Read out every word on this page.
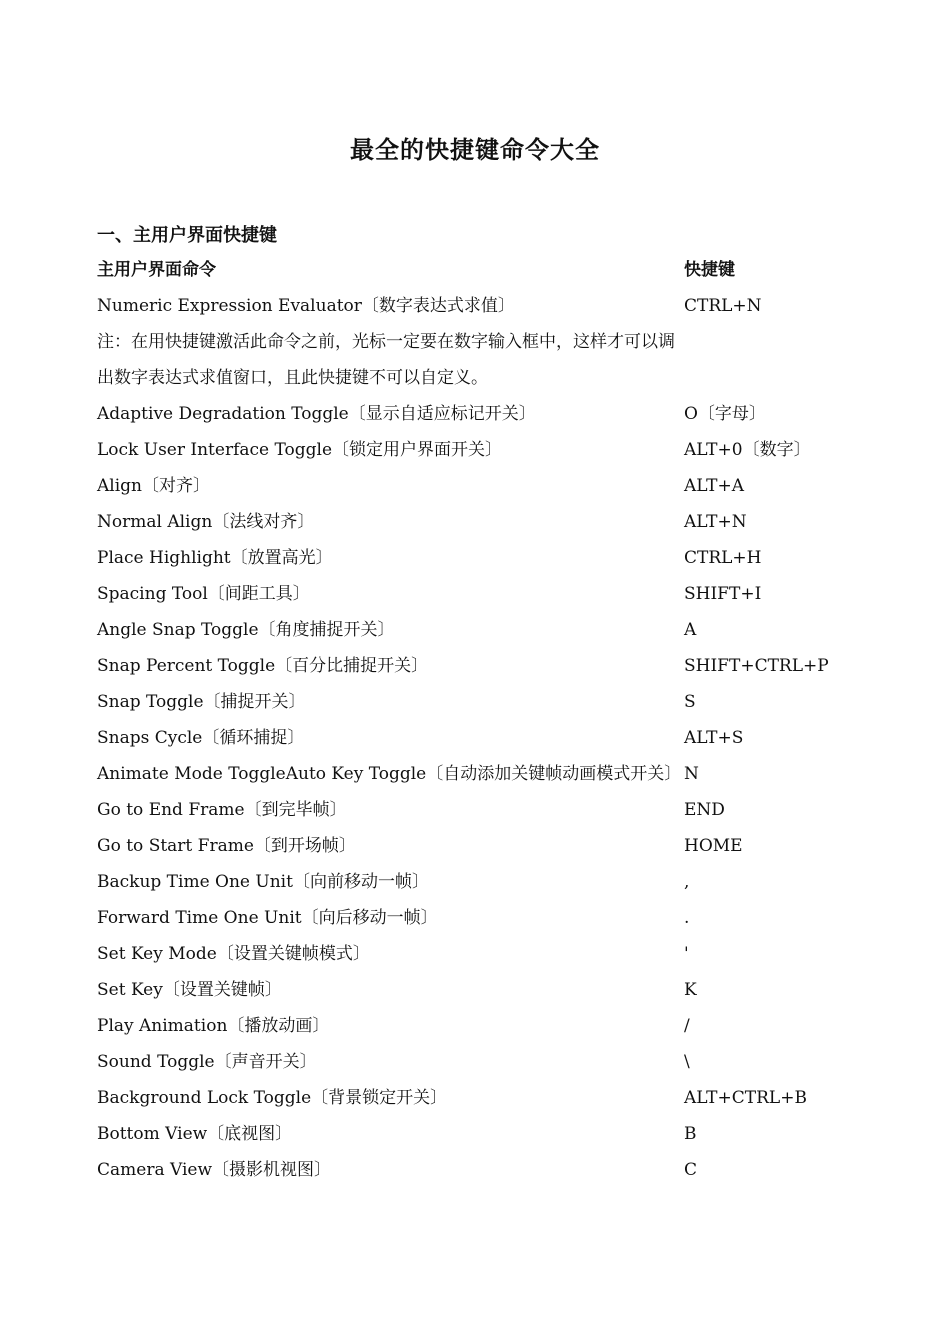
最全的快捷键命令大全
一、主用户界面快捷键
主用户界面命令	快捷键
Numeric Expression Evaluator〔数字表达式求值〕	CTRL+N
注：在用快捷键激活此命令之前，光标一定要在数字输入框中，这样才可以调出数字表达式求值窗口，且此快捷键不可以自定义。
Adaptive Degradation Toggle〔显示自适应标记开关〕	O〔字母〕
Lock User Interface Toggle〔锁定用户界面开关〕	ALT+0〔数字〕
Align〔对齐〕	ALT+A
Normal Align〔法线对齐〕	ALT+N
Place Highlight〔放置高光〕	CTRL+H
Spacing Tool〔间距工具〕	SHIFT+I
Angle Snap Toggle〔角度捕捉开关〕	A
Snap Percent Toggle〔百分比捕捉开关〕	SHIFT+CTRL+P
Snap Toggle〔捕捉开关〕	S
Snaps Cycle〔循环捕捉〕	ALT+S
Animate Mode ToggleAuto Key Toggle〔自动添加关键帧动画模式开关〕 N
Go to End Frame〔到完毕帧〕	END
Go to Start Frame〔到开场帧〕	HOME
Backup Time One Unit〔向前移动一帧〕	,
Forward Time One Unit〔向后移动一帧〕	.
Set Key Mode〔设置关键帧模式〕	'
Set Key〔设置关键帧〕	K
Play Animation〔播放动画〕	/
Sound Toggle〔声音开关〕	\
Background Lock Toggle〔背景锁定开关〕	ALT+CTRL+B
Bottom View〔底视图〕	B
Camera View〔摄影机视图〕	C
